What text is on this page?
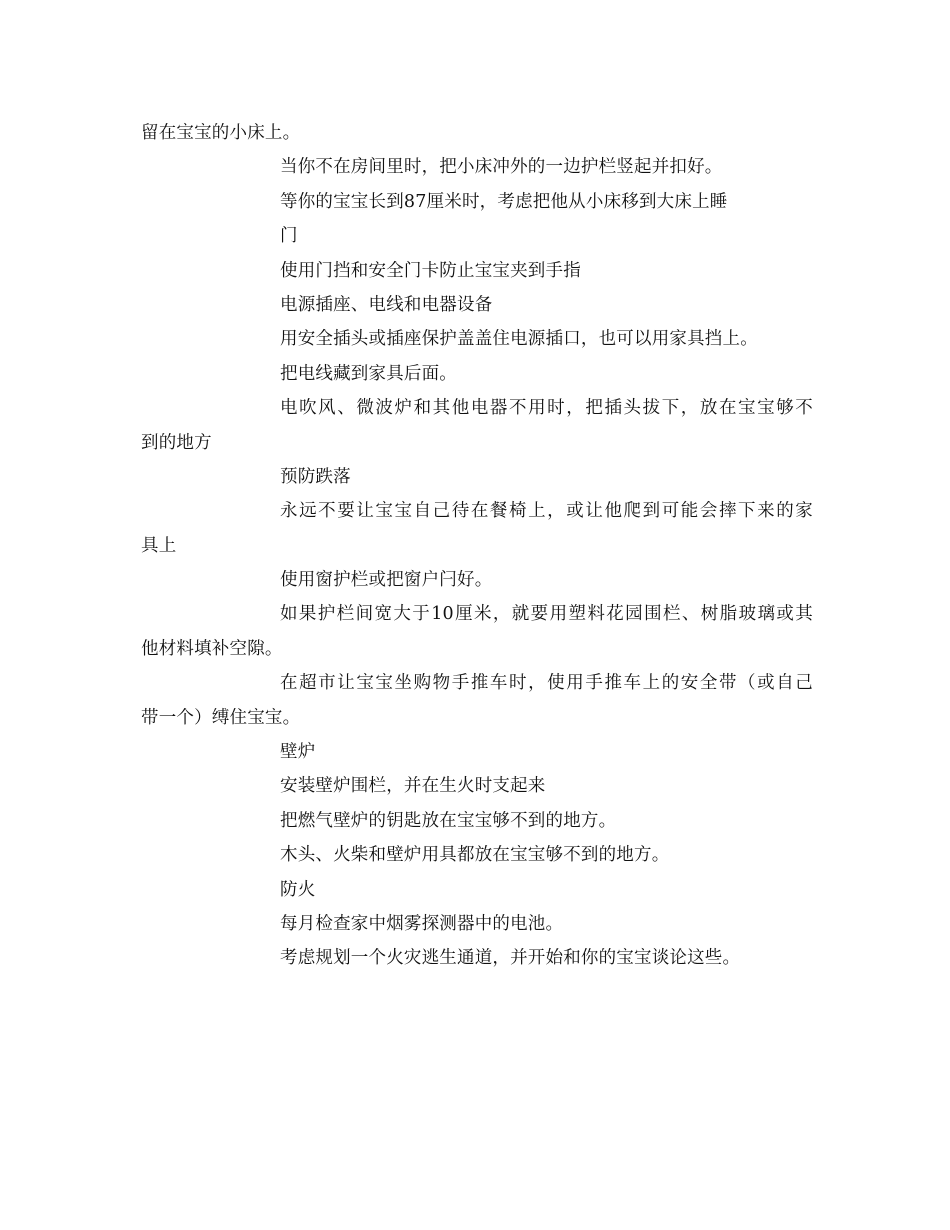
留在宝宝的小床上。
当你不在房间里时，把小床冲外的一边护栏竖起并扣好。
等你的宝宝长到87厘米时，考虑把他从小床移到大床上睡
门
使用门挡和安全门卡防止宝宝夹到手指
电源插座、电线和电器设备
用安全插头或插座保护盖盖住电源插口，也可以用家具挡上。
把电线藏到家具后面。
电吹风、微波炉和其他电器不用时，把插头拔下，放在宝宝够不
到的地方
预防跌落
永远不要让宝宝自己待在餐椅上，或让他爬到可能会摔下来的家
具上
使用窗护栏或把窗户闩好。
如果护栏间宽大于10厘米，就要用塑料花园围栏、树脂玻璃或其
他材料填补空隙。
在超市让宝宝坐购物手推车时，使用手推车上的安全带（或自己
带一个）缚住宝宝。
壁炉
安装壁炉围栏，并在生火时支起来
把燃气壁炉的钥匙放在宝宝够不到的地方。
木头、火柴和壁炉用具都放在宝宝够不到的地方。
防火
每月检查家中烟雾探测器中的电池。
考虑规划一个火灾逃生通道，并开始和你的宝宝谈论这些。
